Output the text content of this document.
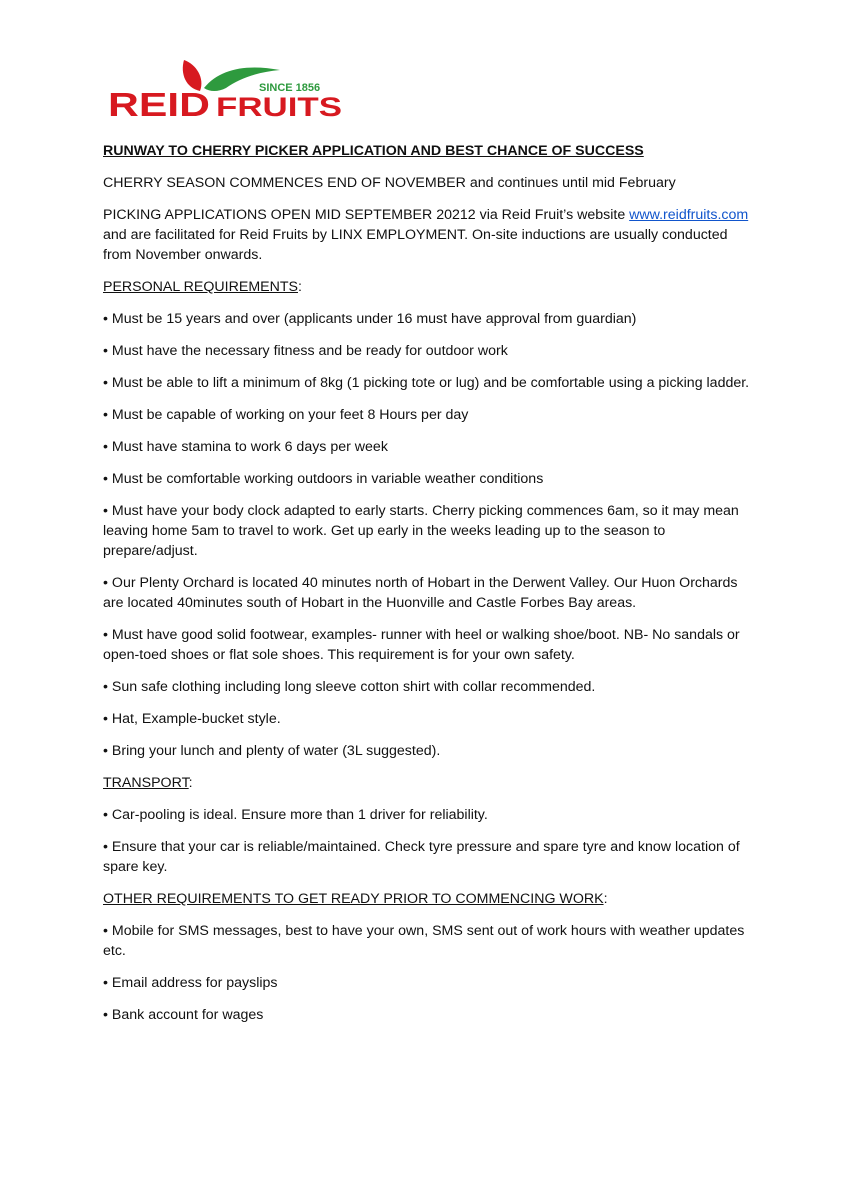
SINCE 1856
REID FRUITS

RUNWAY TO CHERRY PICKER APPLICATION AND BEST CHANCE OF SUCCESS

CHERRY SEASON COMMENCES END OF NOVEMBER and continues until mid February

PICKING APPLICATIONS OPEN MID SEPTEMBER 20212 via Reid Fruit’s website www.reidfruits.com and are facilitated for Reid Fruits by LINX EMPLOYMENT. On-site inductions are usually conducted from November onwards.

PERSONAL REQUIREMENTS:

• Must be 15 years and over (applicants under 16 must have approval from guardian)

• Must have the necessary fitness and be ready for outdoor work

• Must be able to lift a minimum of 8kg (1 picking tote or lug) and be comfortable using a picking ladder.

• Must be capable of working on your feet 8 Hours per day

• Must have stamina to work 6 days per week

• Must be comfortable working outdoors in variable weather conditions

• Must have your body clock adapted to early starts. Cherry picking commences 6am, so it may mean leaving home 5am to travel to work. Get up early in the weeks leading up to the season to prepare/adjust.

• Our Plenty Orchard is located 40 minutes north of Hobart in the Derwent Valley. Our Huon Orchards are located 40minutes south of Hobart in the Huonville and Castle Forbes Bay areas.

• Must have good solid footwear, examples- runner with heel or walking shoe/boot. NB- No sandals or open-toed shoes or flat sole shoes. This requirement is for your own safety.

• Sun safe clothing including long sleeve cotton shirt with collar recommended.

• Hat, Example-bucket style.

• Bring your lunch and plenty of water (3L suggested).

TRANSPORT:

• Car-pooling is ideal. Ensure more than 1 driver for reliability.

• Ensure that your car is reliable/maintained. Check tyre pressure and spare tyre and know location of spare key.

OTHER REQUIREMENTS TO GET READY PRIOR TO COMMENCING WORK:

• Mobile for SMS messages, best to have your own, SMS sent out of work hours with weather updates etc.

• Email address for payslips

• Bank account for wages
